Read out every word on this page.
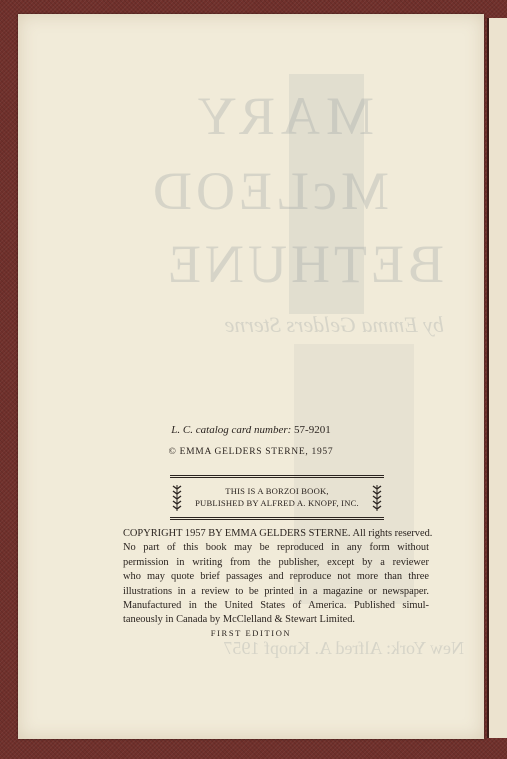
MARY
McLEOD
BETHUNE
by Emma Gelders Sterne
New York: Alfred A. Knopf 1957
L. C. catalog card number: 57-9201
© EMMA GELDERS STERNE, 1957
THIS IS A BORZOI BOOK,
PUBLISHED BY ALFRED A. KNOPF, INC.
COPYRIGHT 1957 BY EMMA GELDERS STERNE. All rights reserved.
No part of this book may be reproduced in any form without
permission in writing from the publisher, except by a reviewer
who may quote brief passages and reproduce not more than three
illustrations in a review to be printed in a magazine or newspaper.
Manufactured in the United States of America. Published simul-
taneously in Canada by McClelland & Stewart Limited.
FIRST EDITION
